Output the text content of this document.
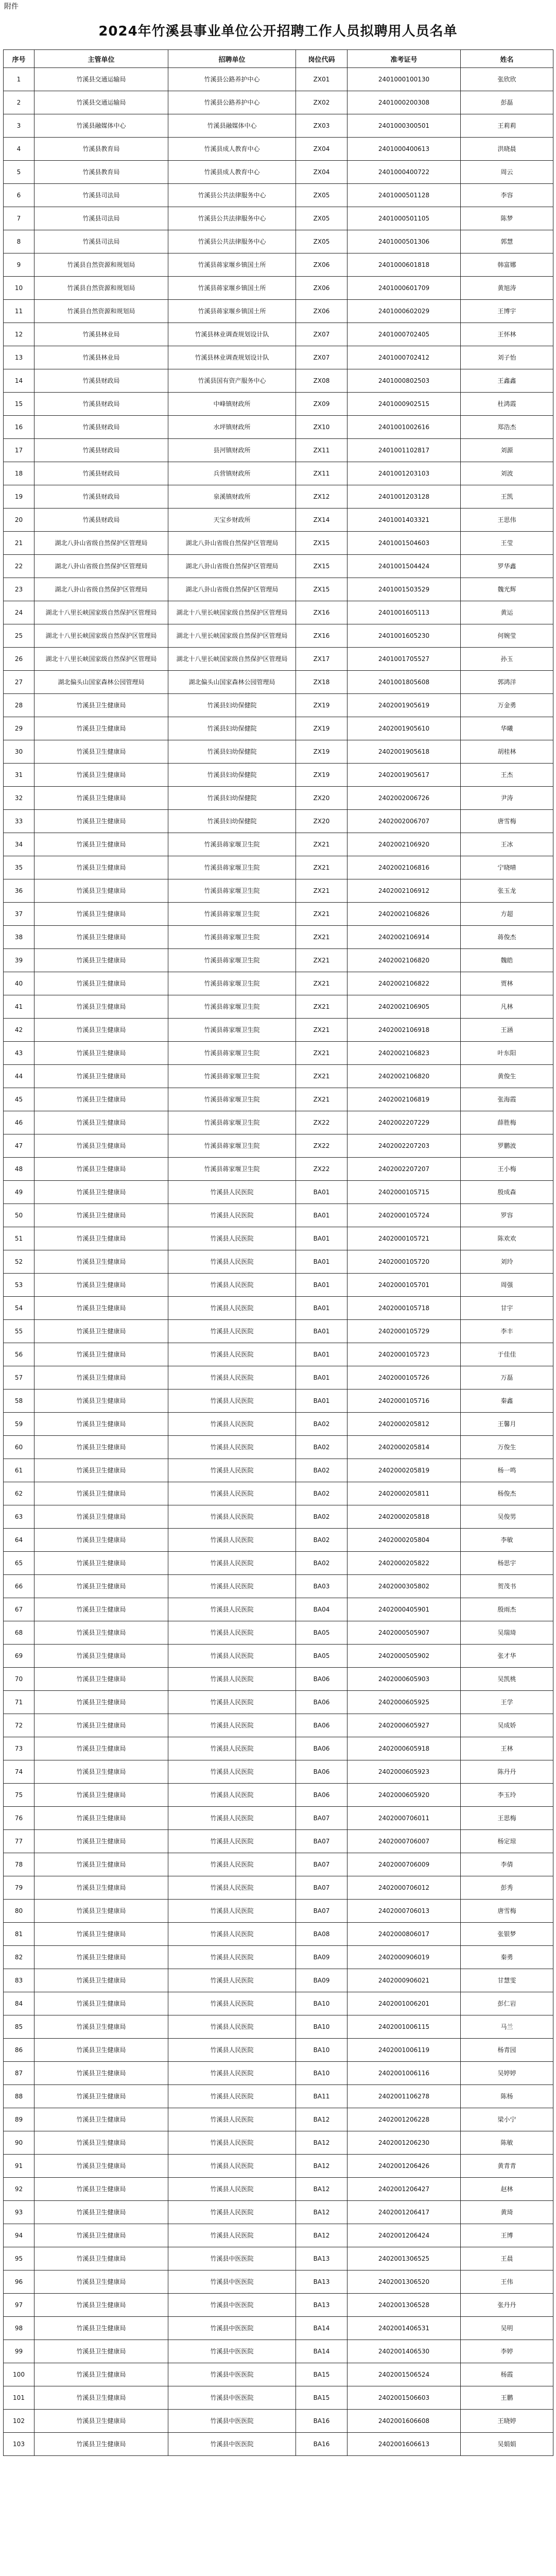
附件
2024年竹溪县事业单位公开招聘工作人员拟聘用人员名单
序号	主管单位	招聘单位	岗位代码	准考证号	姓名
1	竹溪县交通运输局	竹溪县公路养护中心	ZX01	2401000100130	张欣欣
2	竹溪县交通运输局	竹溪县公路养护中心	ZX02	2401000200308	彭磊
3	竹溪县融媒体中心	竹溪县融媒体中心	ZX03	2401000300501	王莉莉
4	竹溪县教育局	竹溪县成人教育中心	ZX04	2401000400613	洪晓晨
5	竹溪县教育局	竹溪县成人教育中心	ZX04	2401000400722	周云
6	竹溪县司法局	竹溪县公共法律服务中心	ZX05	2401000501128	李容
7	竹溪县司法局	竹溪县公共法律服务中心	ZX05	2401000501105	陈梦
8	竹溪县司法局	竹溪县公共法律服务中心	ZX05	2401000501306	郭慧
9	竹溪县自然资源和规划局	竹溪县蒋家堰乡镇国土所	ZX06	2401000601818	韩富娜
10	竹溪县自然资源和规划局	竹溪县蒋家堰乡镇国土所	ZX06	2401000601709	黄旭涛
11	竹溪县自然资源和规划局	竹溪县蒋家堰乡镇国土所	ZX06	2401000602029	王博宇
12	竹溪县林业局	竹溪县林业调查规划设计队	ZX07	2401000702405	王怀林
13	竹溪县林业局	竹溪县林业调查规划设计队	ZX07	2401000702412	刘子怡
14	竹溪县财政局	竹溪县国有资产服务中心	ZX08	2401000802503	王鑫鑫
15	竹溪县财政局	中峰镇财政所	ZX09	2401000902515	杜鸿霞
16	竹溪县财政局	水坪镇财政所	ZX10	2401001002616	郑浩杰
17	竹溪县财政局	县河镇财政所	ZX11	2401001102817	刘源
18	竹溪县财政局	兵营镇财政所	ZX11	2401001203103	刘波
19	竹溪县财政局	泉溪镇财政所	ZX12	2401001203128	王凯
20	竹溪县财政局	天宝乡财政所	ZX14	2401001403321	王思伟
21	湖北八卦山省级自然保护区管理局	湖北八卦山省级自然保护区管理局	ZX15	2401001504603	王莹
22	湖北八卦山省级自然保护区管理局	湖北八卦山省级自然保护区管理局	ZX15	2401001504424	罗华鑫
23	湖北八卦山省级自然保护区管理局	湖北八卦山省级自然保护区管理局	ZX15	2401001503529	魏光辉
24	湖北十八里长峡国家级自然保护区管理局	湖北十八里长峡国家级自然保护区管理局	ZX16	2401001605113	黄运
25	湖北十八里长峡国家级自然保护区管理局	湖北十八里长峡国家级自然保护区管理局	ZX16	2401001605230	何婉莹
26	湖北十八里长峡国家级自然保护区管理局	湖北十八里长峡国家级自然保护区管理局	ZX17	2401001705527	孙玉
27	湖北偏头山国家森林公园管理局	湖北偏头山国家森林公园管理局	ZX18	2401001805608	郭鸿洋
28	竹溪县卫生健康局	竹溪县妇幼保健院	ZX19	2402001905619	万金勇
29	竹溪县卫生健康局	竹溪县妇幼保健院	ZX19	2402001905610	华曦
30	竹溪县卫生健康局	竹溪县妇幼保健院	ZX19	2402001905618	胡桂林
31	竹溪县卫生健康局	竹溪县妇幼保健院	ZX19	2402001905617	王杰
32	竹溪县卫生健康局	竹溪县妇幼保健院	ZX20	2402002006726	尹涛
33	竹溪县卫生健康局	竹溪县妇幼保健院	ZX20	2402002006707	唐雪梅
34	竹溪县卫生健康局	竹溪县蒋家堰卫生院	ZX21	2402002106920	王冰
35	竹溪县卫生健康局	竹溪县蒋家堰卫生院	ZX21	2402002106816	宁晓晴
36	竹溪县卫生健康局	竹溪县蒋家堰卫生院	ZX21	2402002106912	张玉龙
37	竹溪县卫生健康局	竹溪县蒋家堰卫生院	ZX21	2402002106826	方超
38	竹溪县卫生健康局	竹溪县蒋家堰卫生院	ZX21	2402002106914	蒋俊杰
39	竹溪县卫生健康局	竹溪县蒋家堰卫生院	ZX21	2402002106820	魏皓
40	竹溪县卫生健康局	竹溪县蒋家堰卫生院	ZX21	2402002106822	贾林
41	竹溪县卫生健康局	竹溪县蒋家堰卫生院	ZX21	2402002106905	凡林
42	竹溪县卫生健康局	竹溪县蒋家堰卫生院	ZX21	2402002106918	王涵
43	竹溪县卫生健康局	竹溪县蒋家堰卫生院	ZX21	2402002106823	叶东阳
44	竹溪县卫生健康局	竹溪县蒋家堰卫生院	ZX21	2402002106820	黄俊生
45	竹溪县卫生健康局	竹溪县蒋家堰卫生院	ZX21	2402002106819	张海霞
46	竹溪县卫生健康局	竹溪县蒋家堰卫生院	ZX22	2402002207229	薛胜梅
47	竹溪县卫生健康局	竹溪县蒋家堰卫生院	ZX22	2402002207203	罗鹏波
48	竹溪县卫生健康局	竹溪县蒋家堰卫生院	ZX22	2402002207207	王小梅
49	竹溪县卫生健康局	竹溪县人民医院	BA01	2402000105715	殷成森
50	竹溪县卫生健康局	竹溪县人民医院	BA01	2402000105724	罗容
51	竹溪县卫生健康局	竹溪县人民医院	BA01	2402000105721	陈欢欢
52	竹溪县卫生健康局	竹溪县人民医院	BA01	2402000105720	刘玲
53	竹溪县卫生健康局	竹溪县人民医院	BA01	2402000105701	周强
54	竹溪县卫生健康局	竹溪县人民医院	BA01	2402000105718	甘宇
55	竹溪县卫生健康局	竹溪县人民医院	BA01	2402000105729	李丰
56	竹溪县卫生健康局	竹溪县人民医院	BA01	2402000105723	于佳佳
57	竹溪县卫生健康局	竹溪县人民医院	BA01	2402000105726	万磊
58	竹溪县卫生健康局	竹溪县人民医院	BA01	2402000105716	秦鑫
59	竹溪县卫生健康局	竹溪县人民医院	BA02	2402000205812	王馨月
60	竹溪县卫生健康局	竹溪县人民医院	BA02	2402000205814	万俊生
61	竹溪县卫生健康局	竹溪县人民医院	BA02	2402000205819	杨一鸣
62	竹溪县卫生健康局	竹溪县人民医院	BA02	2402000205811	杨俊杰
63	竹溪县卫生健康局	竹溪县人民医院	BA02	2402000205818	吴俊男
64	竹溪县卫生健康局	竹溪县人民医院	BA02	2402000205804	李敏
65	竹溪县卫生健康局	竹溪县人民医院	BA02	2402000205822	杨思宇
66	竹溪县卫生健康局	竹溪县人民医院	BA03	2402000305802	贺茂书
67	竹溪县卫生健康局	竹溪县人民医院	BA04	2402000405901	殷雨杰
68	竹溪县卫生健康局	竹溪县人民医院	BA05	2402000505907	吴瑞琦
69	竹溪县卫生健康局	竹溪县人民医院	BA05	2402000505902	张才华
70	竹溪县卫生健康局	竹溪县人民医院	BA06	2402000605903	吴凯桃
71	竹溪县卫生健康局	竹溪县人民医院	BA06	2402000605925	王学
72	竹溪县卫生健康局	竹溪县人民医院	BA06	2402000605927	吴成娇
73	竹溪县卫生健康局	竹溪县人民医院	BA06	2402000605918	王林
74	竹溪县卫生健康局	竹溪县人民医院	BA06	2402000605923	陈丹丹
75	竹溪县卫生健康局	竹溪县人民医院	BA06	2402000605920	李玉玲
76	竹溪县卫生健康局	竹溪县人民医院	BA07	2402000706011	王思梅
77	竹溪县卫生健康局	竹溪县人民医院	BA07	2402000706007	杨定琼
78	竹溪县卫生健康局	竹溪县人民医院	BA07	2402000706009	李倩
79	竹溪县卫生健康局	竹溪县人民医院	BA07	2402000706012	彭秀
80	竹溪县卫生健康局	竹溪县人民医院	BA07	2402000706013	唐雪梅
81	竹溪县卫生健康局	竹溪县人民医院	BA08	2402000806017	张银梦
82	竹溪县卫生健康局	竹溪县人民医院	BA09	2402000906019	秦勇
83	竹溪县卫生健康局	竹溪县人民医院	BA09	2402000906021	甘慧雯
84	竹溪县卫生健康局	竹溪县人民医院	BA10	2402001006201	彭仁岩
85	竹溪县卫生健康局	竹溪县人民医院	BA10	2402001006115	马兰
86	竹溪县卫生健康局	竹溪县人民医院	BA10	2402001006119	杨青园
87	竹溪县卫生健康局	竹溪县人民医院	BA10	2402001006116	吴婷婷
88	竹溪县卫生健康局	竹溪县人民医院	BA11	2402001106278	陈杨
89	竹溪县卫生健康局	竹溪县人民医院	BA12	2402001206228	梁小宁
90	竹溪县卫生健康局	竹溪县人民医院	BA12	2402001206230	陈敏
91	竹溪县卫生健康局	竹溪县人民医院	BA12	2402001206426	黄青青
92	竹溪县卫生健康局	竹溪县人民医院	BA12	2402001206427	赵林
93	竹溪县卫生健康局	竹溪县人民医院	BA12	2402001206417	黄琦
94	竹溪县卫生健康局	竹溪县人民医院	BA12	2402001206424	王博
95	竹溪县卫生健康局	竹溪县中医医院	BA13	2402001306525	王晨
96	竹溪县卫生健康局	竹溪县中医医院	BA13	2402001306520	王伟
97	竹溪县卫生健康局	竹溪县中医医院	BA13	2402001306528	张丹丹
98	竹溪县卫生健康局	竹溪县中医医院	BA14	2402001406531	吴明
99	竹溪县卫生健康局	竹溪县中医医院	BA14	2402001406530	李婷
100	竹溪县卫生健康局	竹溪县中医医院	BA15	2402001506524	杨霞
101	竹溪县卫生健康局	竹溪县中医医院	BA15	2402001506603	王鹏
102	竹溪县卫生健康局	竹溪县中医医院	BA16	2402001606608	王晓婷
103	竹溪县卫生健康局	竹溪县中医医院	BA16	2402001606613	吴娟娟
